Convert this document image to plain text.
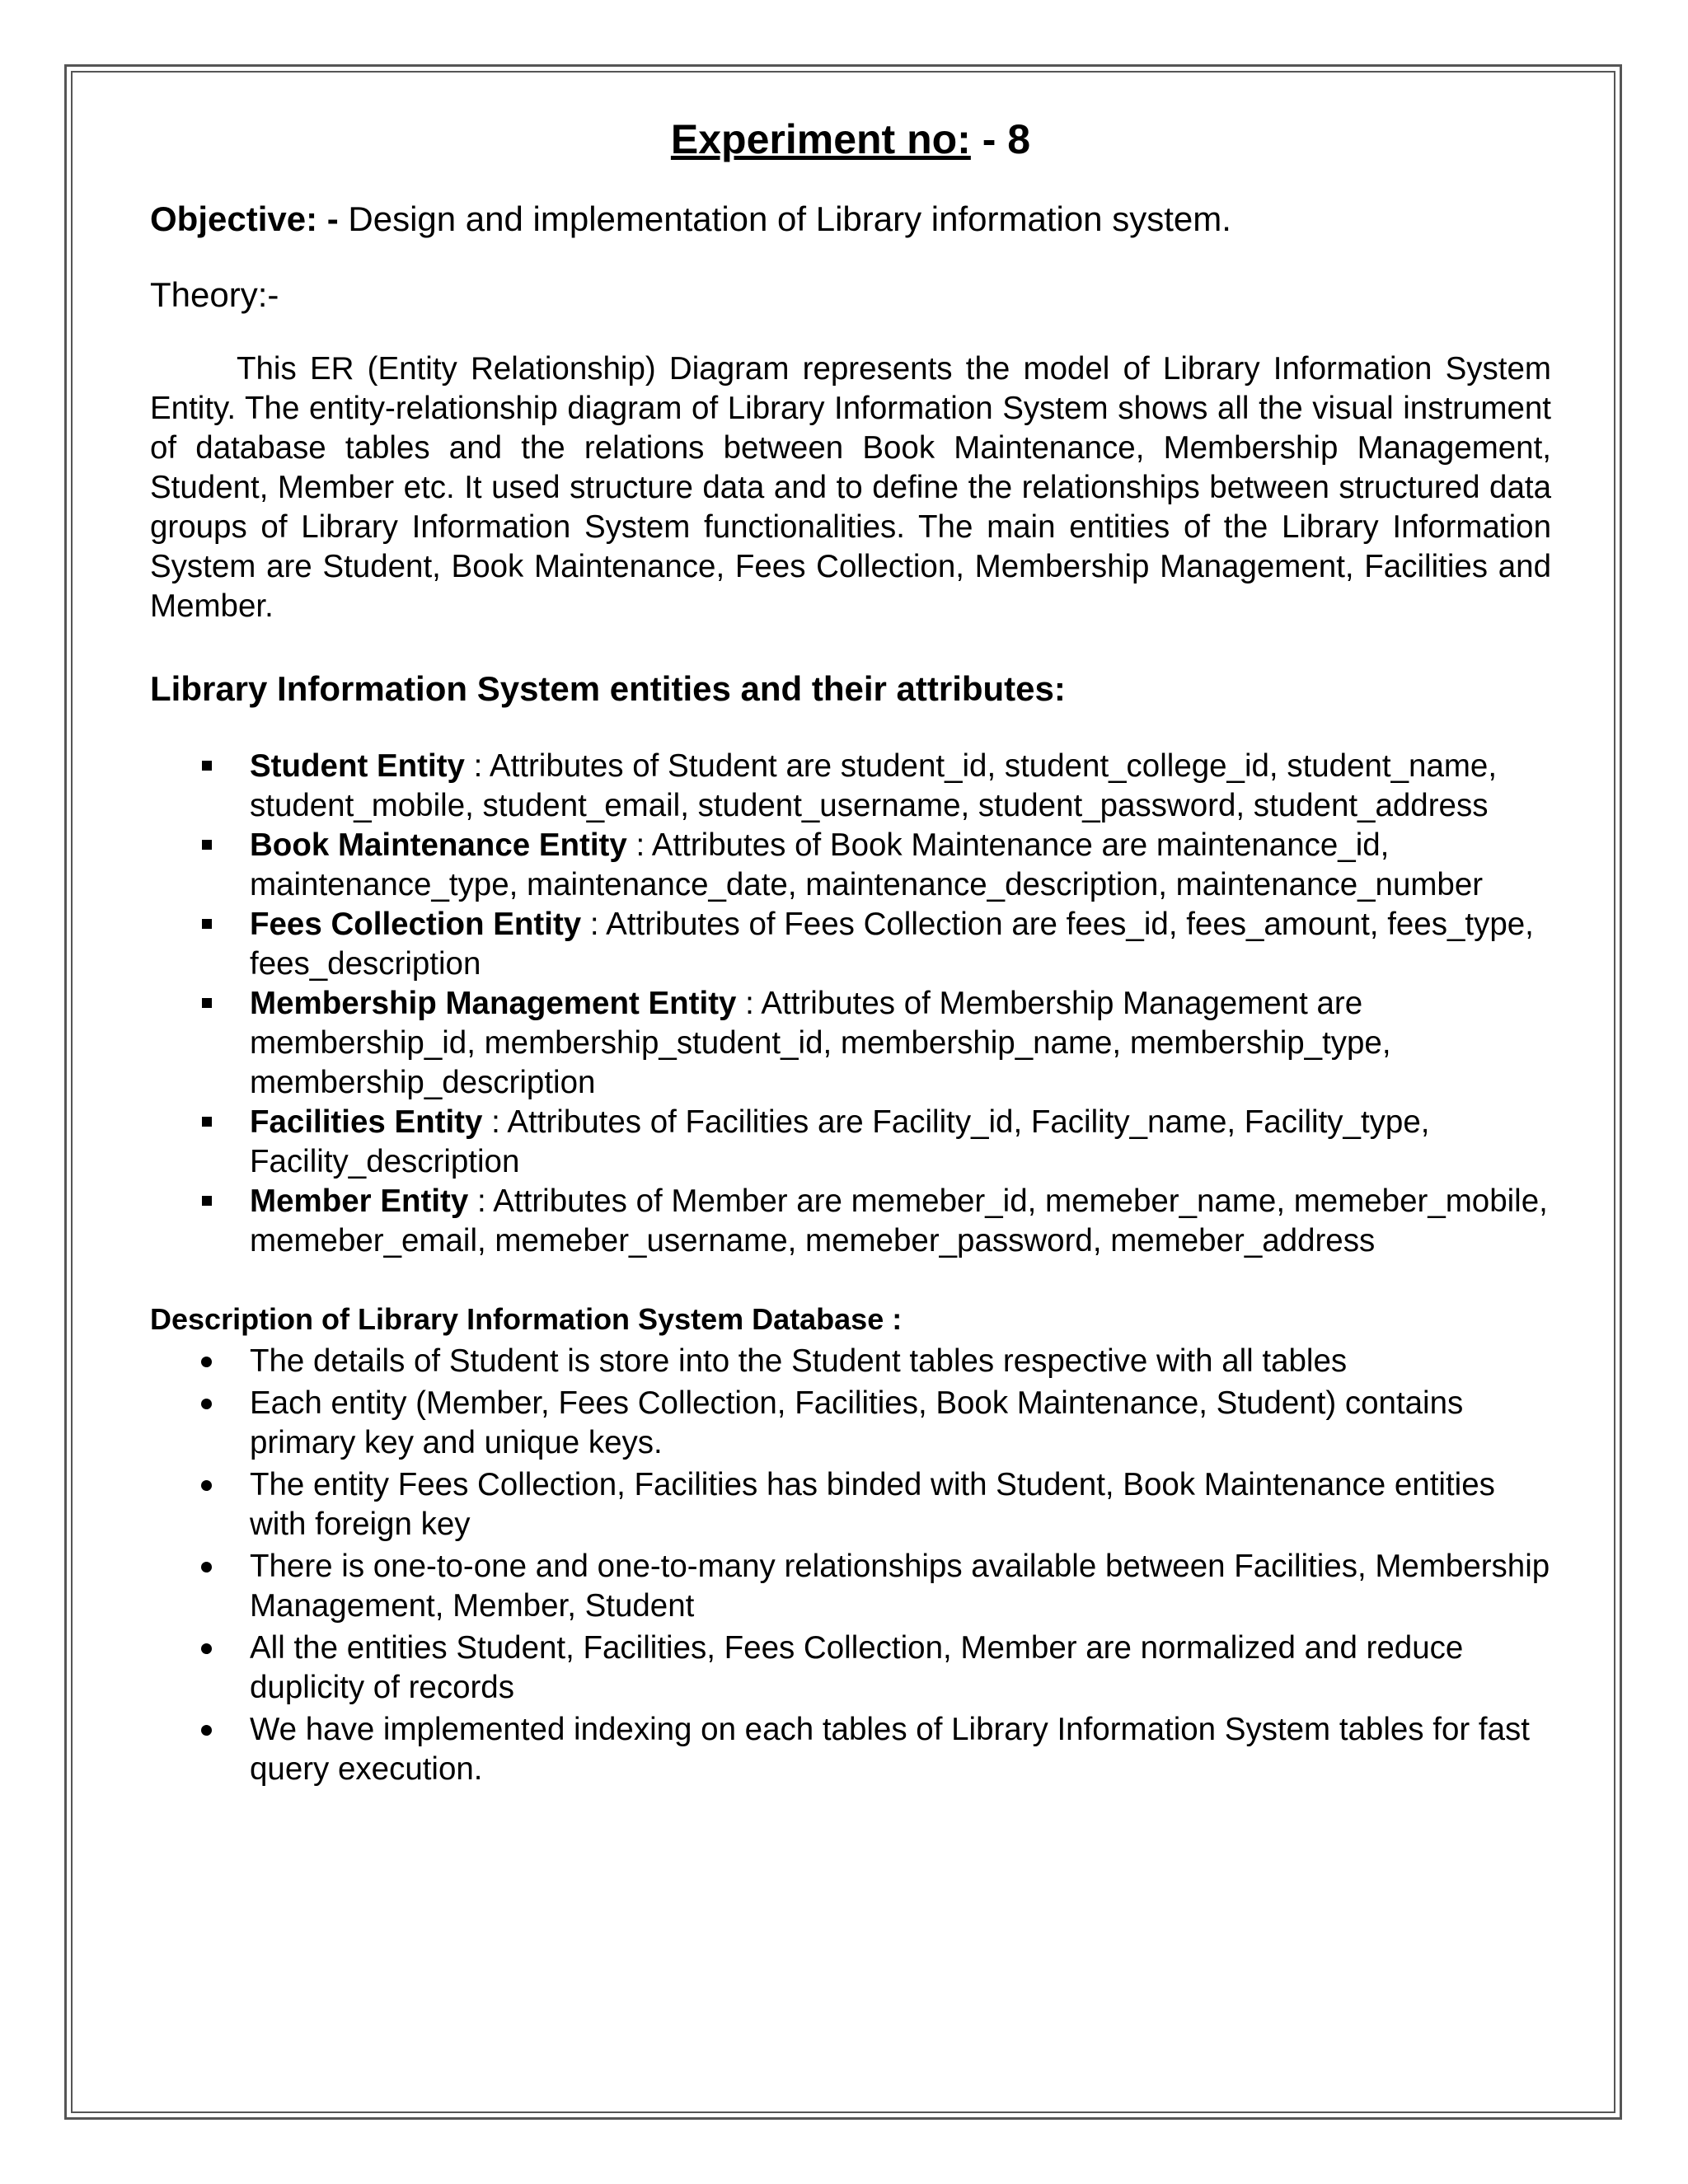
Experiment no: - 8

Objective: - Design and implementation of Library information system.

Theory:-

This ER (Entity Relationship) Diagram represents the model of Library Information System Entity. The entity-relationship diagram of Library Information System shows all the visual instrument of database tables and the relations between Book Maintenance, Membership Management, Student, Member etc. It used structure data and to define the relationships between structured data groups of Library Information System functionalities. The main entities of the Library Information System are Student, Book Maintenance, Fees Collection, Membership Management, Facilities and Member.

Library Information System entities and their attributes:
Student Entity : Attributes of Student are student_id, student_college_id, student_name, student_mobile, student_email, student_username, student_password, student_address
Book Maintenance Entity : Attributes of Book Maintenance are maintenance_id, maintenance_type, maintenance_date, maintenance_description, maintenance_number
Fees Collection Entity : Attributes of Fees Collection are fees_id, fees_amount, fees_type, fees_description
Membership Management Entity : Attributes of Membership Management are membership_id, membership_student_id, membership_name, membership_type, membership_description
Facilities Entity : Attributes of Facilities are Facility_id, Facility_name, Facility_type, Facility_description
Member Entity : Attributes of Member are memeber_id, memeber_name, memeber_mobile, memeber_email, memeber_username, memeber_password, memeber_address
Description of Library Information System Database :
The details of Student is store into the Student tables respective with all tables
Each entity (Member, Fees Collection, Facilities, Book Maintenance, Student) contains primary key and unique keys.
The entity Fees Collection, Facilities has binded with Student, Book Maintenance entities with foreign key
There is one-to-one and one-to-many relationships available between Facilities, Membership Management, Member, Student
All the entities Student, Facilities, Fees Collection, Member are normalized and reduce duplicity of records
We have implemented indexing on each tables of Library Information System tables for fast query execution.
